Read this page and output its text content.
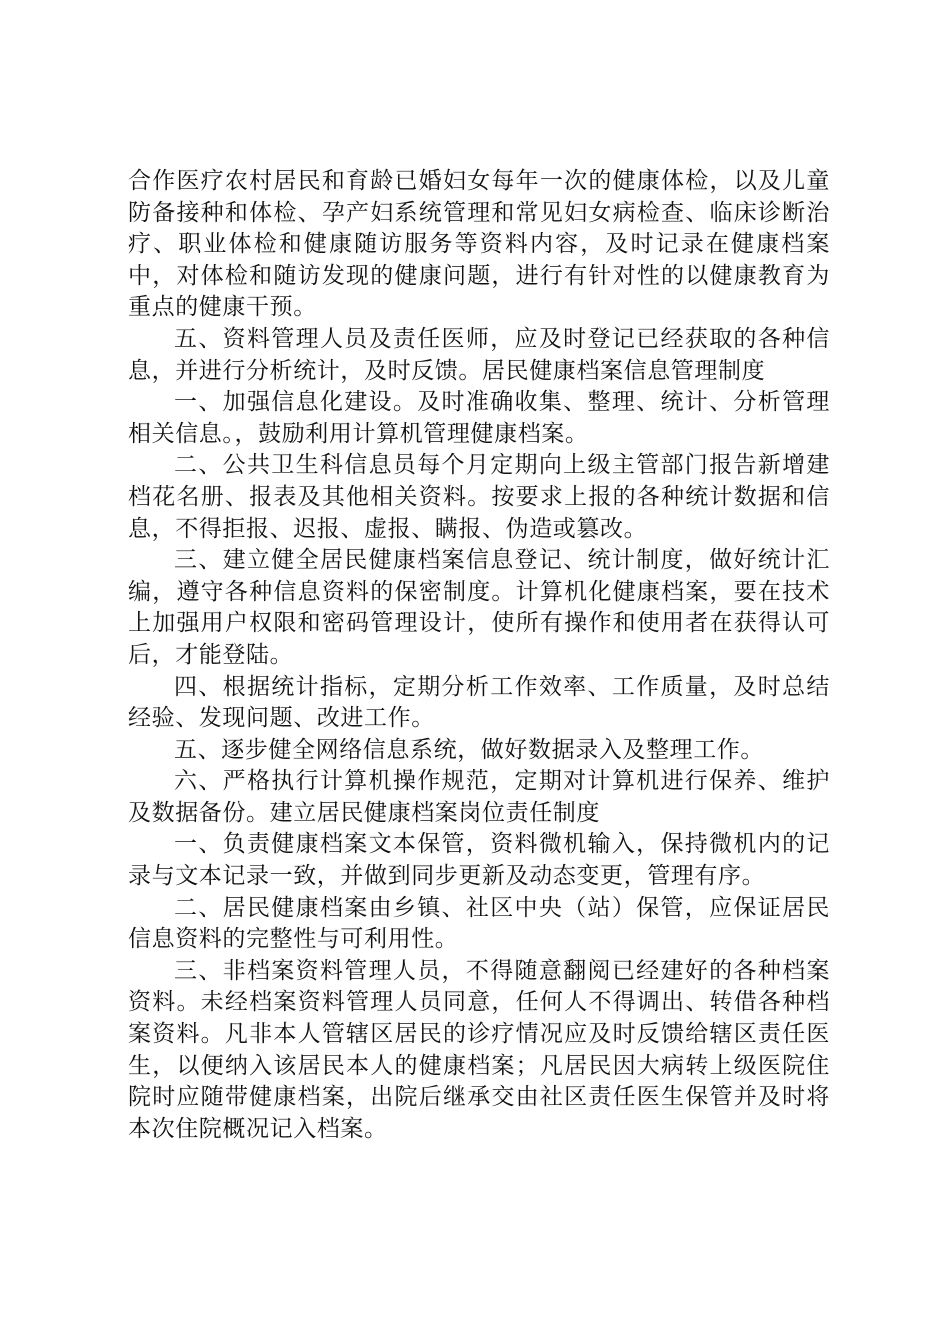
合作医疗农村居民和育龄已婚妇女每年一次的健康体检，以及儿童防备接种和体检、孕产妇系统管理和常见妇女病检查、临床诊断治疗、职业体检和健康随访服务等资料内容，及时记录在健康档案中，对体检和随访发现的健康问题，进行有针对性的以健康教育为重点的健康干预。

五、资料管理人员及责任医师，应及时登记已经获取的各种信息，并进行分析统计，及时反馈。居民健康档案信息管理制度

一、加强信息化建设。及时准确收集、整理、统计、分析管理相关信息。，鼓励利用计算机管理健康档案。

二、公共卫生科信息员每个月定期向上级主管部门报告新增建档花名册、报表及其他相关资料。按要求上报的各种统计数据和信息，不得拒报、迟报、虚报、瞒报、伪造或篡改。

三、建立健全居民健康档案信息登记、统计制度，做好统计汇编，遵守各种信息资料的保密制度。计算机化健康档案，要在技术上加强用户权限和密码管理设计，使所有操作和使用者在获得认可后，才能登陆。

四、根据统计指标，定期分析工作效率、工作质量，及时总结经验、发现问题、改进工作。

五、逐步健全网络信息系统，做好数据录入及整理工作。

六、严格执行计算机操作规范，定期对计算机进行保养、维护及数据备份。建立居民健康档案岗位责任制度

一、负责健康档案文本保管，资料微机输入，保持微机内的记录与文本记录一致，并做到同步更新及动态变更，管理有序。

二、居民健康档案由乡镇、社区中央（站）保管，应保证居民信息资料的完整性与可利用性。

三、非档案资料管理人员，不得随意翻阅已经建好的各种档案资料。未经档案资料管理人员同意，任何人不得调出、转借各种档案资料。凡非本人管辖区居民的诊疗情况应及时反馈给辖区责任医生，以便纳入该居民本人的健康档案；凡居民因大病转上级医院住院时应随带健康档案，出院后继承交由社区责任医生保管并及时将本次住院概况记入档案。
